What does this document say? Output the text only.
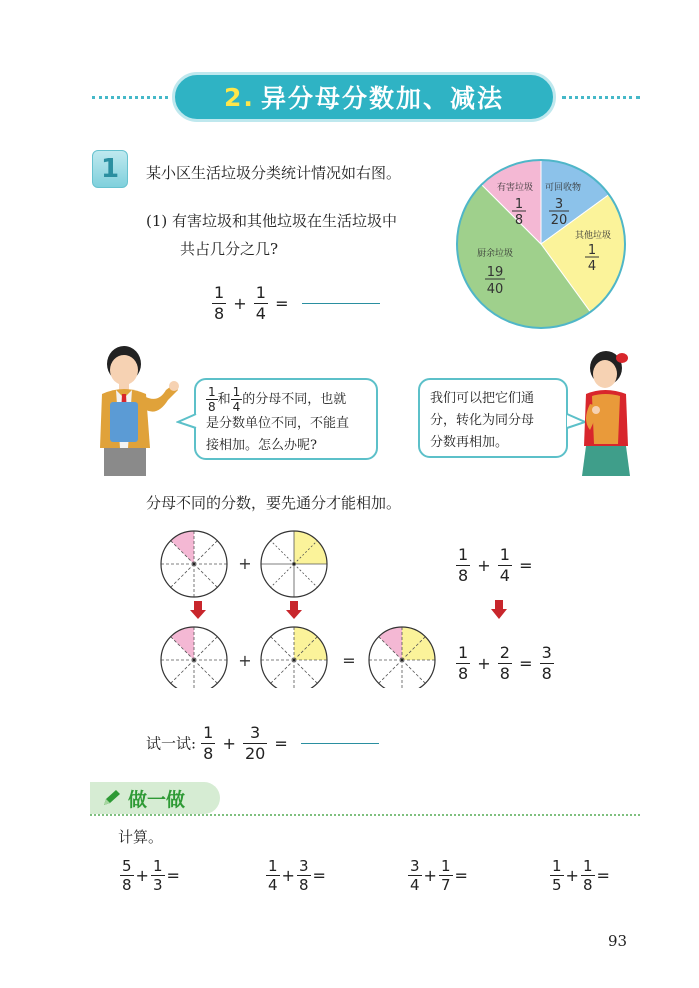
2. 异分母分数加、减法
1	某小区生活垃圾分类统计情况如右图。
(1) 有害垃圾和其他垃圾在生活垃圾中
共占几分之几?
$\frac{1}{8} + \frac{1}{4}$ =
有害垃圾
1
8
可回收物
3
20
其他垃圾
1
4
厨余垃圾
19
40
$\frac{1}{8}$ 和 $\frac{1}{4}$ 的分母不同，也就
是分数单位不同，不能直
接相加。怎么办呢?
我们可以把它们通
分，转化为同分母
分数再相加。
分母不同的分数，要先通分才能相加。
+
+	=
$\frac{1}{8} + \frac{1}{4}$ =
$\frac{1}{8} + \frac{2}{8} = \frac{3}{8}$
试一试: $\frac{1}{8} + \frac{3}{20}$ =
做一做
计算。
$\frac{5}{8} + \frac{1}{3}$ =	$\frac{1}{4} + \frac{3}{8}$ =	$\frac{3}{4} + \frac{1}{7}$ =	$\frac{1}{5} + \frac{1}{8}$ =
93
